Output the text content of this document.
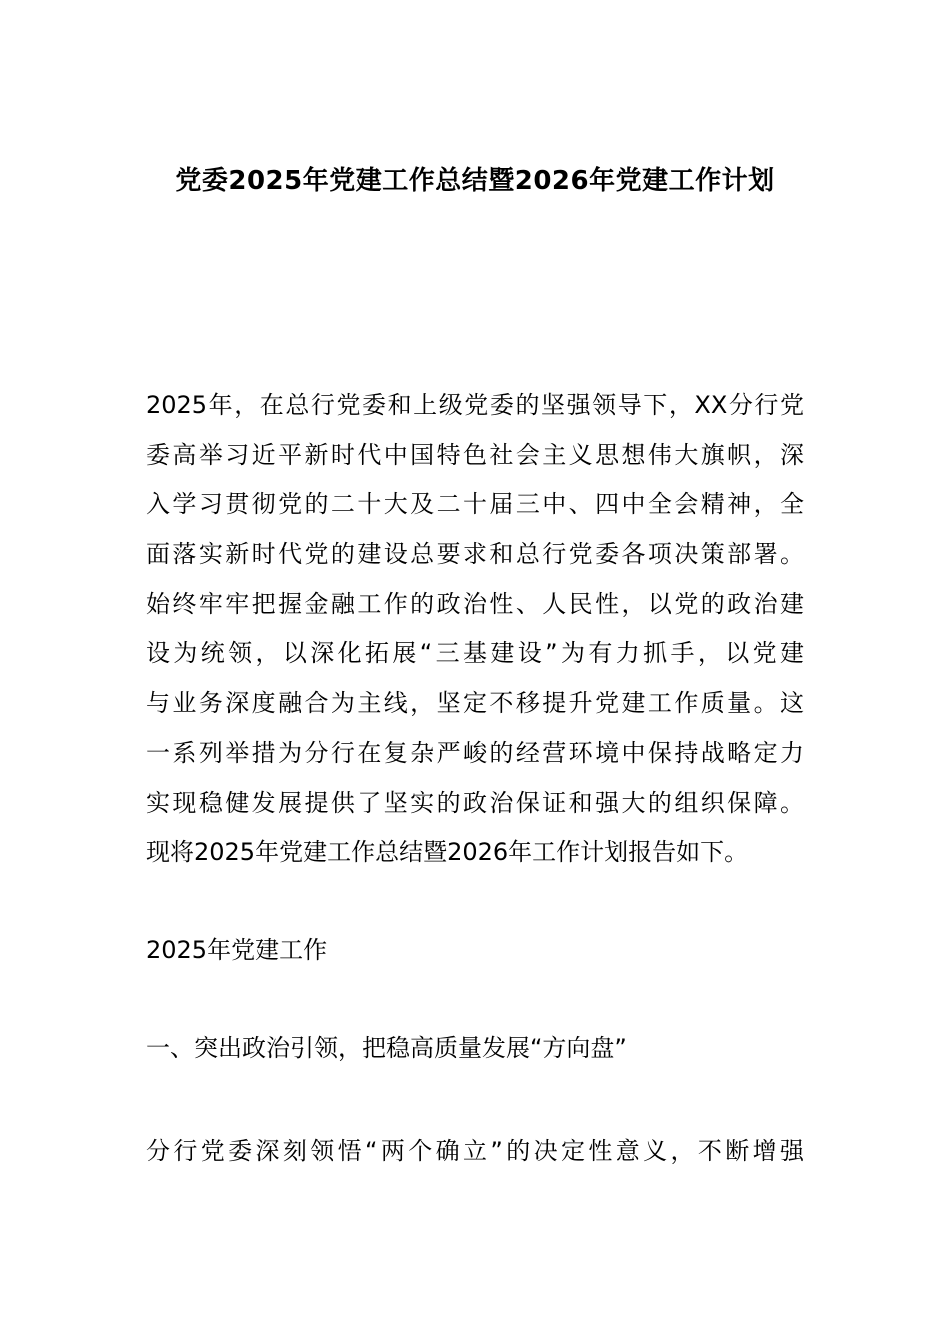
党委2025年党建工作总结暨2026年党建工作计划
2025年，在总行党委和上级党委的坚强领导下，XX分行党
委高举习近平新时代中国特色社会主义思想伟大旗帜，深
入学习贯彻党的二十大及二十届三中、四中全会精神，全
面落实新时代党的建设总要求和总行党委各项决策部署。
始终牢牢把握金融工作的政治性、人民性，以党的政治建
设为统领，以深化拓展“三基建设”为有力抓手，以党建
与业务深度融合为主线，坚定不移提升党建工作质量。这
一系列举措为分行在复杂严峻的经营环境中保持战略定力
实现稳健发展提供了坚实的政治保证和强大的组织保障。
现将2025年党建工作总结暨2026年工作计划报告如下。
2025年党建工作
一、突出政治引领，把稳高质量发展“方向盘”
分行党委深刻领悟“两个确立”的决定性意义，不断增强
